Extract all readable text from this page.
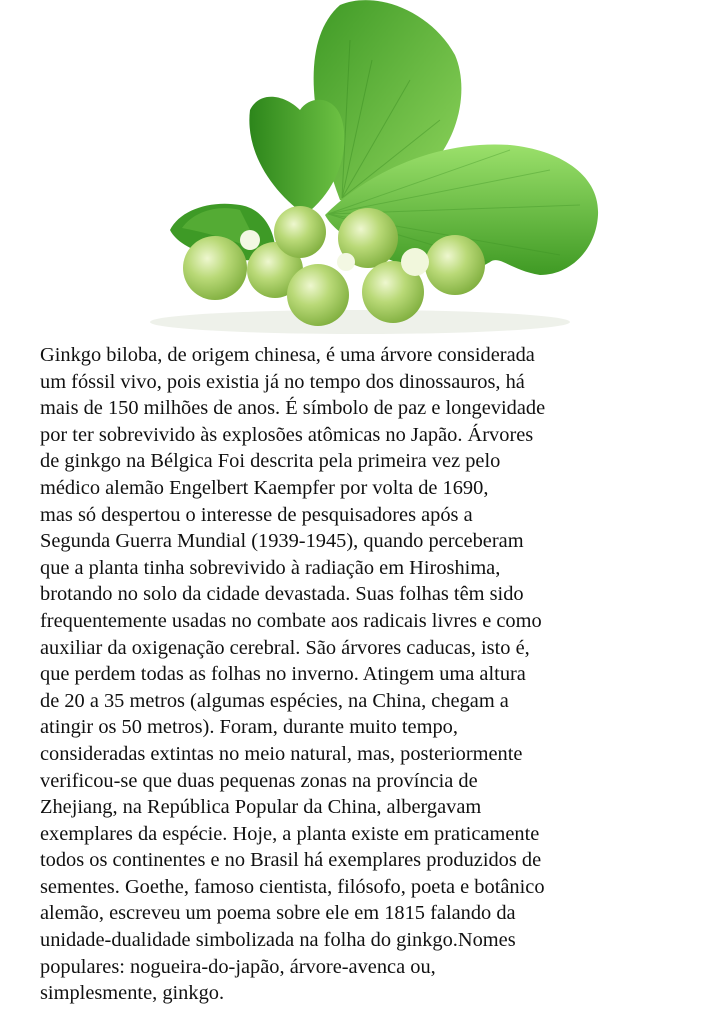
Ginkgo biloba, de origem chinesa, é uma árvore considerada
um fóssil vivo, pois existia já no tempo dos dinossauros, há
mais de 150 milhões de anos. É símbolo de paz e longevidade
por ter sobrevivido às explosões atômicas no Japão. Árvores
de ginkgo na Bélgica Foi descrita pela primeira vez pelo
médico alemão Engelbert Kaempfer por volta de 1690,
mas só despertou o interesse de pesquisadores após a
Segunda Guerra Mundial (1939-1945), quando perceberam
que a planta tinha sobrevivido à radiação em Hiroshima,
brotando no solo da cidade devastada. Suas folhas têm sido
frequentemente usadas no combate aos radicais livres e como
auxiliar da oxigenação cerebral. São árvores caducas, isto é,
que perdem todas as folhas no inverno. Atingem uma altura
de 20 a 35 metros (algumas espécies, na China, chegam a
atingir os 50 metros). Foram, durante muito tempo,
consideradas extintas no meio natural, mas, posteriormente
verificou-se que duas pequenas zonas na província de
Zhejiang, na República Popular da China, albergavam
exemplares da espécie. Hoje, a planta existe em praticamente
todos os continentes e no Brasil há exemplares produzidos de
sementes. Goethe, famoso cientista, filósofo, poeta e botânico
alemão, escreveu um poema sobre ele em 1815 falando da
unidade-dualidade simbolizada na folha do ginkgo.Nomes
populares: nogueira-do-japão, árvore-avenca ou,
simplesmente, ginkgo.
